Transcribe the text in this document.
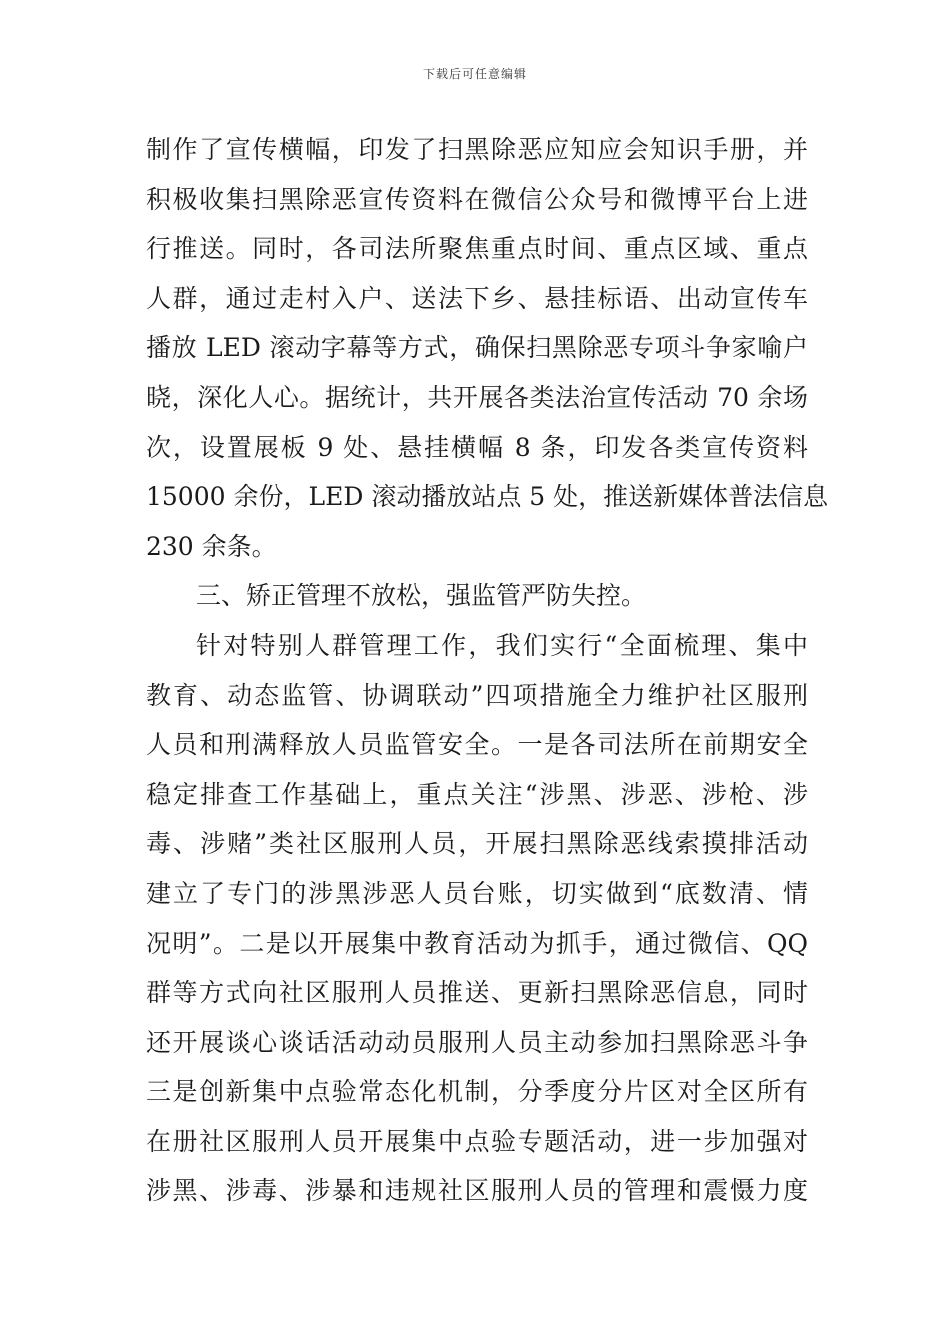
下载后可任意编辑
制作了宣传横幅，印发了扫黑除恶应知应会知识手册，并
积极收集扫黑除恶宣传资料在微信公众号和微博平台上进
行推送。同时，各司法所聚焦重点时间、重点区域、重点
人群，通过走村入户、送法下乡、悬挂标语、出动宣传车
播放 LED 滚动字幕等方式，确保扫黑除恶专项斗争家喻户
晓，深化人心。据统计，共开展各类法治宣传活动 70 余场
次，设置展板 9 处、悬挂横幅 8 条，印发各类宣传资料
15000 余份，LED 滚动播放站点 5 处，推送新媒体普法信息
230 余条。
三、矫正管理不放松，强监管严防失控。
针对特别人群管理工作，我们实行“全面梳理、集中
教育、动态监管、协调联动”四项措施全力维护社区服刑
人员和刑满释放人员监管安全。一是各司法所在前期安全
稳定排查工作基础上，重点关注“涉黑、涉恶、涉枪、涉
毒、涉赌”类社区服刑人员，开展扫黑除恶线索摸排活动
建立了专门的涉黑涉恶人员台账，切实做到“底数清、情
况明”。二是以开展集中教育活动为抓手，通过微信、QQ
群等方式向社区服刑人员推送、更新扫黑除恶信息，同时
还开展谈心谈话活动动员服刑人员主动参加扫黑除恶斗争
三是创新集中点验常态化机制，分季度分片区对全区所有
在册社区服刑人员开展集中点验专题活动，进一步加强对
涉黑、涉毒、涉暴和违规社区服刑人员的管理和震慑力度
